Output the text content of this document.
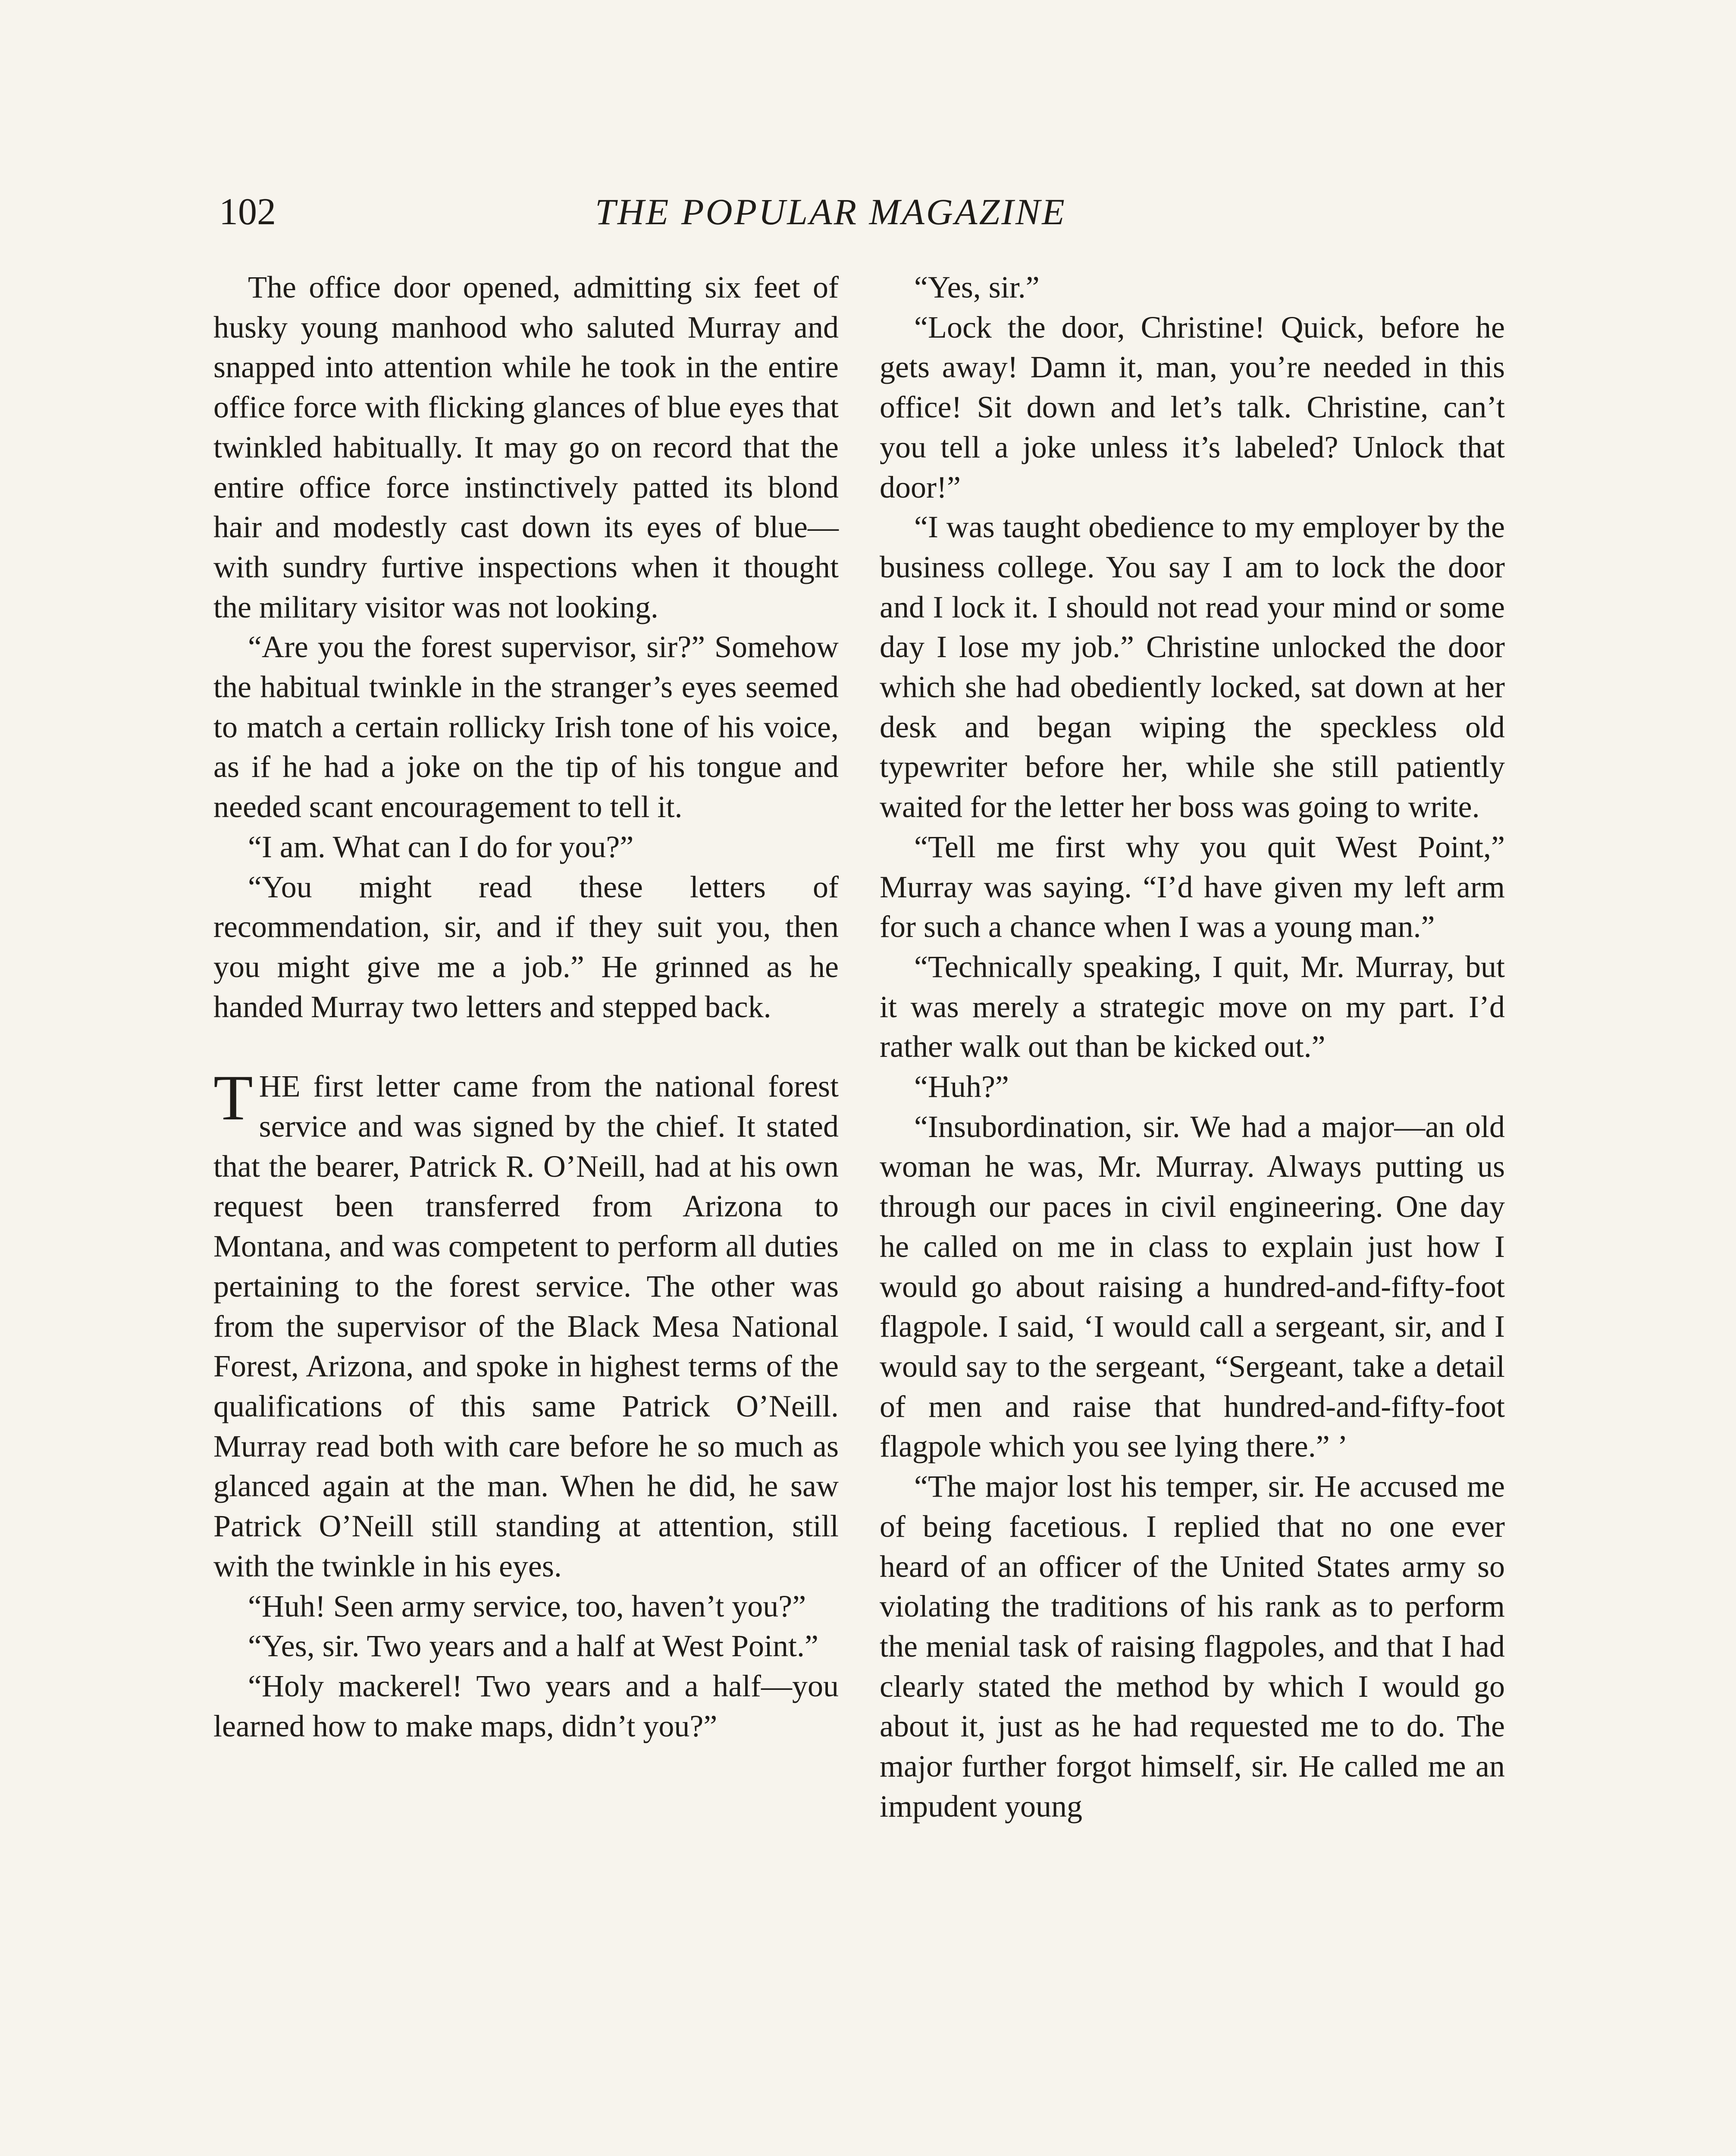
102	THE POPULAR MAGAZINE

The office door opened, admitting six feet of husky young manhood who saluted Murray and snapped into attention while he took in the entire office force with flicking glances of blue eyes that twinkled habitually. It may go on record that the entire office force instinctively patted its blond hair and modestly cast down its eyes of blue—with sundry furtive inspections when it thought the military visitor was not looking.

“Are you the forest supervisor, sir?” Somehow the habitual twinkle in the stranger’s eyes seemed to match a certain rollicky Irish tone of his voice, as if he had a joke on the tip of his tongue and needed scant encouragement to tell it.

“I am. What can I do for you?”

“You might read these letters of recommendation, sir, and if they suit you, then you might give me a job.” He grinned as he handed Murray two letters and stepped back.

THE first letter came from the national forest service and was signed by the chief. It stated that the bearer, Patrick R. O’Neill, had at his own request been transferred from Arizona to Montana, and was competent to perform all duties pertaining to the forest service. The other was from the supervisor of the Black Mesa National Forest, Arizona, and spoke in highest terms of the qualifications of this same Patrick O’Neill. Murray read both with care before he so much as glanced again at the man. When he did, he saw Patrick O’Neill still standing at attention, still with the twinkle in his eyes.

“Huh! Seen army service, too, haven’t you?”

“Yes, sir. Two years and a half at West Point.”

“Holy mackerel! Two years and a half—you learned how to make maps, didn’t you?”

“Yes, sir.”

“Lock the door, Christine! Quick, before he gets away! Damn it, man, you’re needed in this office! Sit down and let’s talk. Christine, can’t you tell a joke unless it’s labeled? Unlock that door!”

“I was taught obedience to my employer by the business college. You say I am to lock the door and I lock it. I should not read your mind or some day I lose my job.” Christine unlocked the door which she had obediently locked, sat down at her desk and began wiping the speckless old typewriter before her, while she still patiently waited for the letter her boss was going to write.

“Tell me first why you quit West Point,” Murray was saying. “I’d have given my left arm for such a chance when I was a young man.”

“Technically speaking, I quit, Mr. Murray, but it was merely a strategic move on my part. I’d rather walk out than be kicked out.”

“Huh?”

“Insubordination, sir. We had a major—an old woman he was, Mr. Murray. Always putting us through our paces in civil engineering. One day he called on me in class to explain just how I would go about raising a hundred-and-fifty-foot flagpole. I said, ‘I would call a sergeant, sir, and I would say to the sergeant, “Sergeant, take a detail of men and raise that hundred-and-fifty-foot flagpole which you see lying there.” ’

“The major lost his temper, sir. He accused me of being facetious. I replied that no one ever heard of an officer of the United States army so violating the traditions of his rank as to perform the menial task of raising flagpoles, and that I had clearly stated the method by which I would go about it, just as he had requested me to do. The major further forgot himself, sir. He called me an impudent young
